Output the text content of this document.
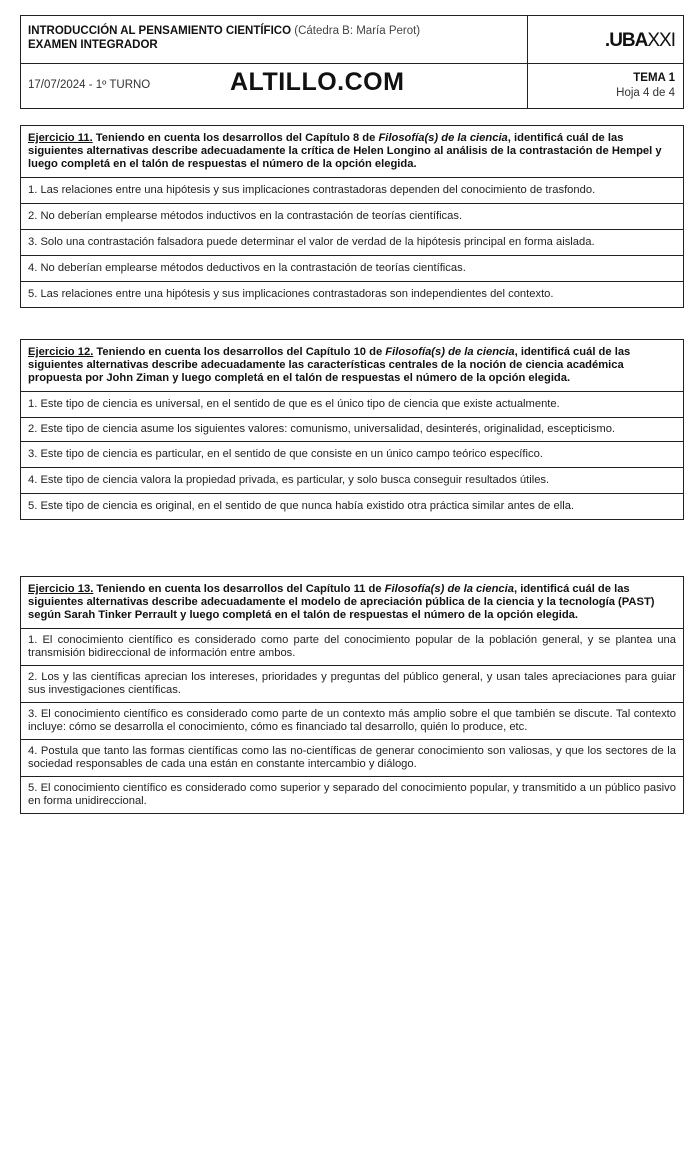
INTRODUCCIÓN AL PENSAMIENTO CIENTÍFICO (Cátedra B: María Perot)
EXAMEN INTEGRADOR	.UBAXXI
17/07/2024 - 1º TURNO	ALTILLO.COM	TEMA 1
Hoja 4 de 4
Ejercicio 11. Teniendo en cuenta los desarrollos del Capítulo 8 de Filosofía(s) de la ciencia, identificá cuál de las siguientes alternativas describe adecuadamente la crítica de Helen Longino al análisis de la contrastación de Hempel y luego completá en el talón de respuestas el número de la opción elegida.
1. Las relaciones entre una hipótesis y sus implicaciones contrastadoras dependen del conocimiento de trasfondo.
2. No deberían emplearse métodos inductivos en la contrastación de teorías científicas.
3. Solo una contrastación falsadora puede determinar el valor de verdad de la hipótesis principal en forma aislada.
4. No deberían emplearse métodos deductivos en la contrastación de teorías científicas.
5. Las relaciones entre una hipótesis y sus implicaciones contrastadoras son independientes del contexto.
Ejercicio 12. Teniendo en cuenta los desarrollos del Capítulo 10 de Filosofía(s) de la ciencia, identificá cuál de las siguientes alternativas describe adecuadamente las características centrales de la noción de ciencia académica propuesta por John Ziman y luego completá en el talón de respuestas el número de la opción elegida.
1. Este tipo de ciencia es universal, en el sentido de que es el único tipo de ciencia que existe actualmente.
2. Este tipo de ciencia asume los siguientes valores: comunismo, universalidad, desinterés, originalidad, escepticismo.
3. Este tipo de ciencia es particular, en el sentido de que consiste en un único campo teórico específico.
4. Este tipo de ciencia valora la propiedad privada, es particular, y solo busca conseguir resultados útiles.
5. Este tipo de ciencia es original, en el sentido de que nunca había existido otra práctica similar antes de ella.
Ejercicio 13. Teniendo en cuenta los desarrollos del Capítulo 11 de Filosofía(s) de la ciencia, identificá cuál de las siguientes alternativas describe adecuadamente el modelo de apreciación pública de la ciencia y la tecnología (PAST) según Sarah Tinker Perrault y luego completá en el talón de respuestas el número de la opción elegida.
1. El conocimiento científico es considerado como parte del conocimiento popular de la población general, y se plantea una transmisión bidireccional de información entre ambos.
2. Los y las científicas aprecian los intereses, prioridades y preguntas del público general, y usan tales apreciaciones para guiar sus investigaciones científicas.
3. El conocimiento científico es considerado como parte de un contexto más amplio sobre el que también se discute. Tal contexto incluye: cómo se desarrolla el conocimiento, cómo es financiado tal desarrollo, quién lo produce, etc.
4. Postula que tanto las formas científicas como las no-científicas de generar conocimiento son valiosas, y que los sectores de la sociedad responsables de cada una están en constante intercambio y diálogo.
5. El conocimiento científico es considerado como superior y separado del conocimiento popular, y transmitido a un público pasivo en forma unidireccional.
